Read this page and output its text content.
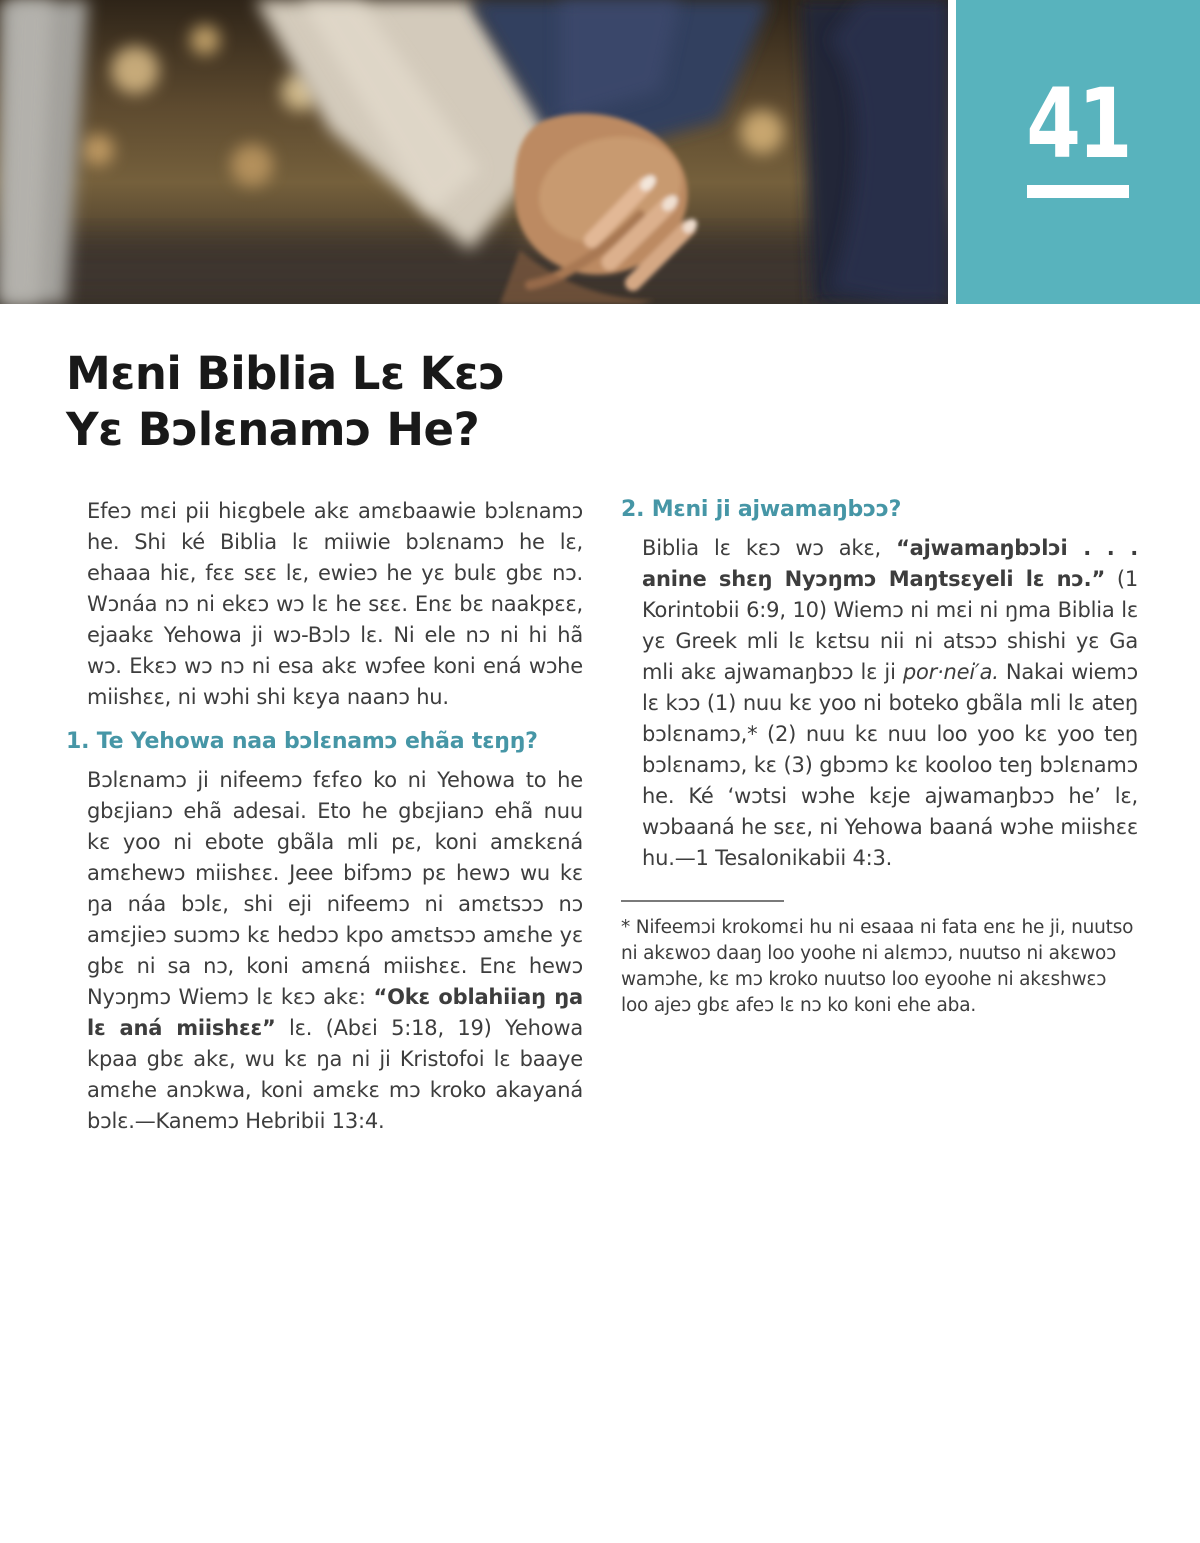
41
Mɛni Biblia Lɛ Kɛɔ
Yɛ Bɔlɛnamɔ He?

Efeɔ mɛi pii hiɛgbele akɛ amɛbaawie bɔlɛnamɔ he. Shi ké Biblia lɛ miiwie bɔlɛnamɔ he lɛ, ehaaa hiɛ, fɛɛ sɛɛ lɛ, ewieɔ he yɛ bulɛ gbɛ nɔ. Wɔnáa nɔ ni ekɛɔ wɔ lɛ he sɛɛ. Enɛ bɛ naakpɛɛ, ejaakɛ Yehowa ji wɔ-Bɔlɔ lɛ. Ni ele nɔ ni hi hã wɔ. Ekɛɔ wɔ nɔ ni esa akɛ wɔfee koni ená wɔhe miishɛɛ, ni wɔhi shi kɛya naanɔ hu.

1. Te Yehowa naa bɔlɛnamɔ ehãa tɛŋŋ?

Bɔlɛnamɔ ji nifeemɔ fɛfɛo ko ni Yehowa to he gbɛjianɔ ehã adesai. Eto he gbɛjianɔ ehã nuu kɛ yoo ni ebote gbãla mli pɛ, koni amɛkɛná amɛhewɔ miishɛɛ. Jeee bifɔmɔ pɛ hewɔ wu kɛ ŋa náa bɔlɛ, shi eji nifeemɔ ni amɛtsɔɔ nɔ amɛjieɔ suɔmɔ kɛ hedɔɔ kpo amɛtsɔɔ amɛhe yɛ gbɛ ni sa nɔ, koni amɛná miishɛɛ. Enɛ hewɔ Nyɔŋmɔ Wiemɔ lɛ kɛɔ akɛ: “Okɛ oblahiiaŋ ŋa lɛ aná miishɛɛ” lɛ. (Abɛi 5:18, 19) Yehowa kpaa gbɛ akɛ, wu kɛ ŋa ni ji Kristofoi lɛ baaye amɛhe anɔkwa, koni amɛkɛ mɔ kroko akayaná bɔlɛ.—Kanemɔ Hebribii 13:4.

2. Mɛni ji ajwamaŋbɔɔ?

Biblia lɛ kɛɔ wɔ akɛ, “ajwamaŋbɔlɔi . . . anine shɛŋ Nyɔŋmɔ Maŋtsɛyeli lɛ nɔ.” (1 Korintobii 6:9, 10) Wiemɔ ni mɛi ni ŋma Biblia lɛ yɛ Greek mli lɛ kɛtsu nii ni atsɔɔ shishi yɛ Ga mli akɛ ajwamaŋbɔɔ lɛ ji por·nei′a. Nakai wiemɔ lɛ kɔɔ (1) nuu kɛ yoo ni boteko gbãla mli lɛ ateŋ bɔlɛnamɔ,* (2) nuu kɛ nuu loo yoo kɛ yoo teŋ bɔlɛnamɔ, kɛ (3) gbɔmɔ kɛ kooloo teŋ bɔlɛnamɔ he. Ké ‘wɔtsi wɔhe kɛje ajwamaŋbɔɔ he’ lɛ, wɔbaaná he sɛɛ, ni Yehowa baaná wɔhe miishɛɛ hu.—1 Tesalonikabii 4:3.

* Nifeemɔi krokomɛi hu ni esaaa ni fata enɛ he ji, nuutso ni akɛwoɔ daaŋ loo yoohe ni alɛmɔɔ, nuutso ni akɛwoɔ wamɔhe, kɛ mɔ kroko nuutso loo eyoohe ni akɛshwɛɔ loo ajeɔ gbɛ afeɔ lɛ nɔ ko koni ehe aba.
